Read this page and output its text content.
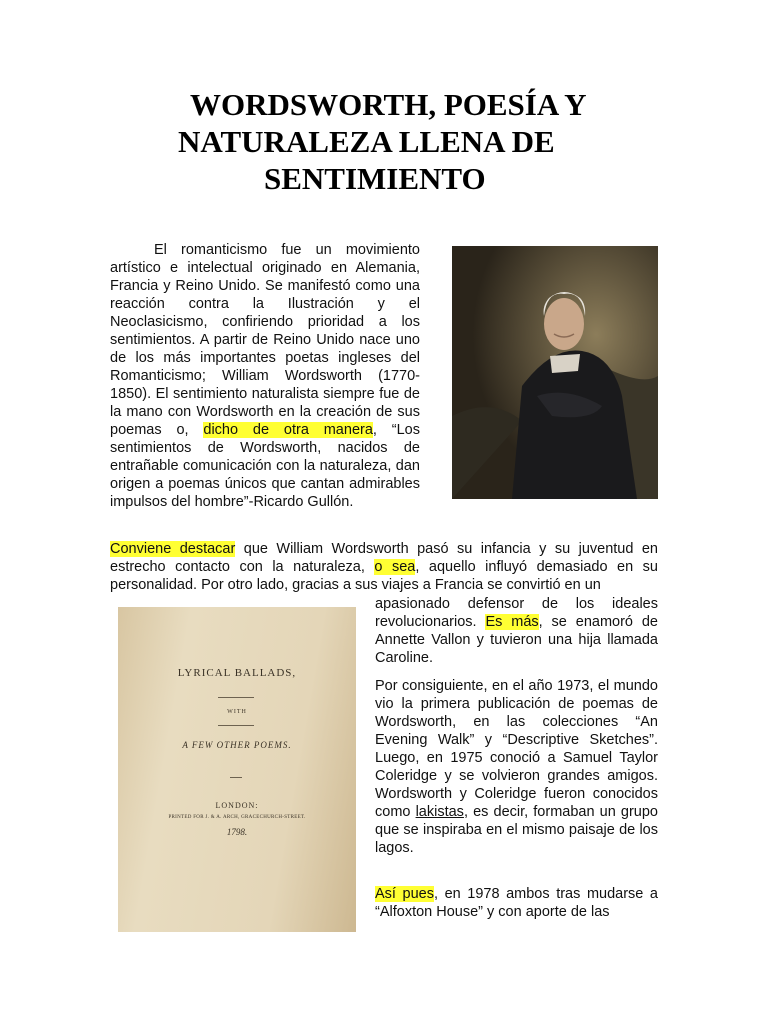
WORDSWORTH, POESÍA Y
NATURALEZA LLENA DE
SENTIMIENTO

El romanticismo fue un movimiento artístico e intelectual originado en Alemania, Francia y Reino Unido. Se manifestó como una reacción contra la Ilustración y el Neoclasicismo, confiriendo prioridad a los sentimientos. A partir de Reino Unido nace uno de los más importantes poetas ingleses del Romanticismo; William Wordsworth (1770-1850). El sentimiento naturalista siempre fue de la mano con Wordsworth en la creación de sus poemas o, dicho de otra manera, “Los sentimientos de Wordsworth, nacidos de entrañable comunicación con la naturaleza, dan origen a poemas únicos que cantan admirables impulsos del hombre”-Ricardo Gullón.

Conviene destacar que William Wordsworth pasó su infancia y su juventud en estrecho contacto con la naturaleza, o sea, aquello influyó demasiado en su personalidad. Por otro lado, gracias a sus viajes a Francia se convirtió en un

apasionado defensor de los ideales revolucionarios. Es más, se enamoró de Annette Vallon y tuvieron una hija llamada Caroline.

LYRICAL BALLADS,
WITH
A FEW OTHER POEMS.
LONDON:
PRINTED FOR J. & A. ARCH, GRACECHURCH-STREET.
1798.

Por consiguiente, en el año 1973, el mundo vio la primera publicación de poemas de Wordsworth, en las colecciones “An Evening Walk” y “Descriptive Sketches”. Luego, en 1975 conoció a Samuel Taylor Coleridge y se volvieron grandes amigos. Wordsworth y Coleridge fueron conocidos como lakistas, es decir, formaban un grupo que se inspiraba en el mismo paisaje de los lagos.

Así pues, en 1978 ambos tras mudarse a “Alfoxton House” y con aporte de las
